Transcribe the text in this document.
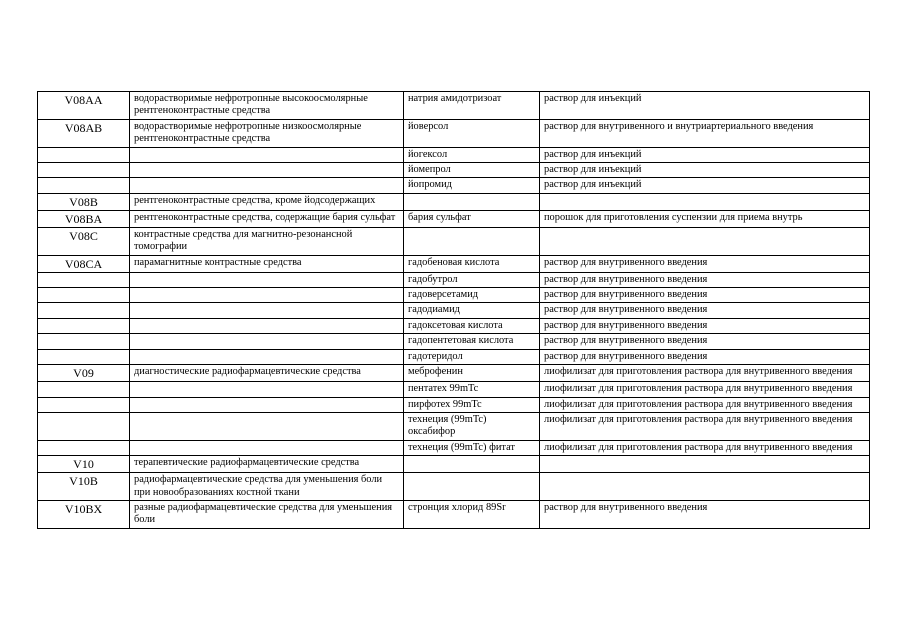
V08AA	водорастворимые нефротропные высокоосмолярные рентгеноконтрастные средства	натрия амидотризоат	раствор для инъекций
V08AB	водорастворимые нефротропные низкоосмолярные рентгеноконтрастные средства	йоверсол	раствор для внутривенного и внутриартериального введения
		йогексол	раствор для инъекций
		йомепрол	раствор для инъекций
		йопромид	раствор для инъекций
V08B	рентгеноконтрастные средства, кроме йодсодержащих		
V08BA	рентгеноконтрастные средства, содержащие бария сульфат	бария сульфат	порошок для приготовления суспензии для приема внутрь
V08C	контрастные средства для магнитно-резонансной томографии		
V08CA	парамагнитные контрастные средства	гадобеновая кислота	раствор для внутривенного введения
		гадобутрол	раствор для внутривенного введения
		гадоверсетамид	раствор для внутривенного введения
		гадодиамид	раствор для внутривенного введения
		гадоксетовая кислота	раствор для внутривенного введения
		гадопентетовая кислота	раствор для внутривенного введения
		гадотеридол	раствор для внутривенного введения
V09	диагностические радиофармацевтические средства	меброфенин	лиофилизат для приготовления раствора для внутривенного введения
		пентатех 99mTc	лиофилизат для приготовления раствора для внутривенного введения
		пирфотех 99mTc	лиофилизат для приготовления раствора для внутривенного введения
		технеция (99mTc) оксабифор	лиофилизат для приготовления раствора для внутривенного введения
		технеция (99mTc) фитат	лиофилизат для приготовления раствора для внутривенного введения
V10	терапевтические радиофармацевтические средства		
V10B	радиофармацевтические средства для уменьшения боли при новообразованиях костной ткани		
V10BX	разные радиофармацевтические средства для уменьшения боли	стронция хлорид 89Sr	раствор для внутривенного введения
